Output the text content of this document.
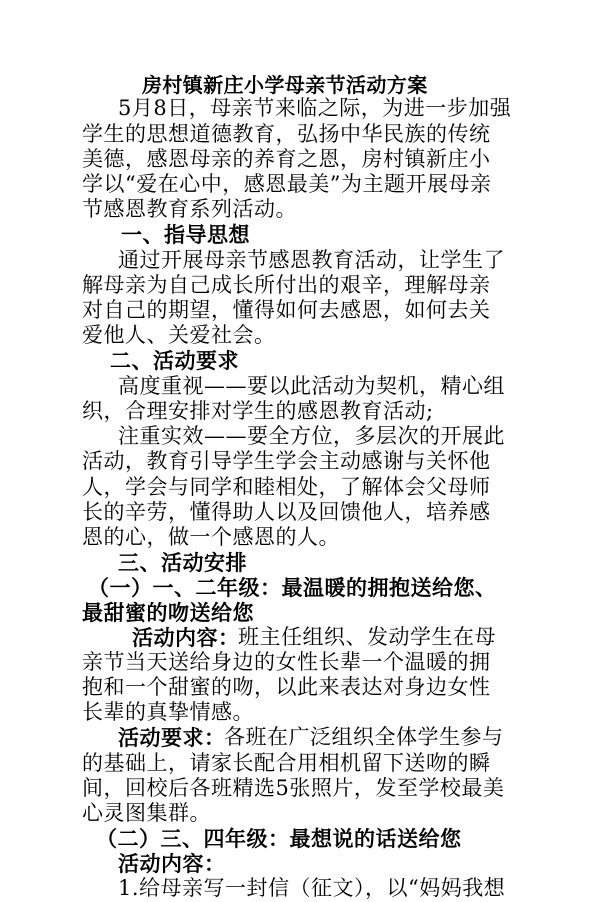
房村镇新庄小学母亲节活动方案
5月8日，母亲节来临之际，为进一步加强
学生的思想道德教育，弘扬中华民族的传统
美德，感恩母亲的养育之恩，房村镇新庄小
学以“爱在心中，感恩最美”为主题开展母亲
节感恩教育系列活动。
一、指导思想
通过开展母亲节感恩教育活动，让学生了
解母亲为自己成长所付出的艰辛，理解母亲
对自己的期望，懂得如何去感恩，如何去关
爱他人、关爱社会。
二、活动要求
高度重视——要以此活动为契机，精心组
织，合理安排对学生的感恩教育活动;
注重实效——要全方位，多层次的开展此
活动，教育引导学生学会主动感谢与关怀他
人，学会与同学和睦相处，了解体会父母师
长的辛劳，懂得助人以及回馈他人，培养感
恩的心，做一个感恩的人。
三、活动安排
（一）一、二年级：最温暖的拥抱送给您、
最甜蜜的吻送给您
活动内容：
班主任组织、发动学生在母
亲节当天送给身边的女性长辈一个温暖的拥
抱和一个甜蜜的吻，以此来表达对身边女性
长辈的真挚情感。
活动要求：
各班在广泛组织全体学生参与
的基础上，请家长配合用相机留下送吻的瞬
间，回校后各班精选5张照片，发至学校最美
心灵图集群。
（二）三、四年级：最想说的话送给您
活动内容：
1.给母亲写一封信（征文），以“妈妈我想
